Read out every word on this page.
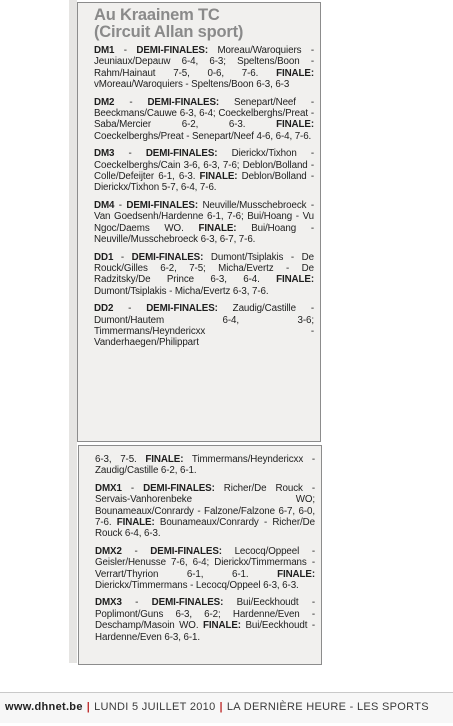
Au Kraainem TC
(Circuit Allan sport)

DM1 - DEMI-FINALES: Moreau/Waroquiers - Jeuniaux/Depauw 6-4, 6-3; Speltens/Boon - Rahm/Hainaut 7-5, 0-6, 7-6. FINALE: vMoreau/Waroquiers - Speltens/Boon 6-3, 6-3

DM2 - DEMI-FINALES: Senepart/Neef - Beeckmans/Cauwe 6-3, 6-4; Coeckelberghs/Preat - Saba/Mercier 6-2, 6-3.	FINALE: Coeckelberghs/Preat - Senepart/Neef 4-6, 6-4, 7-6.

DM3 - DEMI-FINALES: Dierickx/Tixhon - Coeckelberghs/Cain 3-6, 6-3, 7-6; Deblon/Bolland - Colle/Defeijter 6-1, 6-3. FINALE: Deblon/Bolland - Dierickx/Tixhon 5-7, 6-4, 7-6.

DM4 - DEMI-FINALES: Neuville/Musschebroeck - Van Goedsenh/Hardenne 6-1, 7-6; Bui/Hoang - Vu Ngoc/Daems WO. FINALE: Bui/Hoang - Neuville/Musschebroeck 6-3, 6-7, 7-6.

DD1 - DEMI-FINALES: Dumont/Tsiplakis - De Rouck/Gilles 6-2, 7-5; Micha/Evertz - De Radzitsky/De Prince 6-3, 6-4. FINALE: Dumont/Tsiplakis - Micha/Evertz 6-3, 7-6.

DD2 - DEMI-FINALES: Zaudig/Castille - Dumont/Hautem 6-4, 3-6; Timmermans/Heyndericxx - Vanderhaegen/Philippart

6-3, 7-5. FINALE: Timmermans/Heyndericxx - Zaudig/Castille 6-2, 6-1.

DMX1 - DEMI-FINALES: Richer/De Rouck - Servais-Vanhorenbeke WO; Bounameaux/Conrardy - Falzone/Falzone 6-7, 6-0, 7-6. FINALE: Bounameaux/Conrardy - Richer/De Rouck 6-4, 6-3.

DMX2 - DEMI-FINALES: Lecocq/Oppeel - Geisler/Henusse 7-6, 6-4; Dierickx/Timmermans - Verrart/Thyrion 6-1, 6-1.	FINALE: Dierickx/Timmermans - Lecocq/Oppeel 6-3, 6-3.

DMX3 - DEMI-FINALES: Bui/Eeckhoudt - Poplimont/Guns 6-3, 6-2; Hardenne/Even - Deschamp/Masoin WO. FINALE: Bui/Eeckhoudt - Hardenne/Even 6-3, 6-1.

www.dhnet.be | LUNDI 5 JUILLET 2010 | LA DERNIÈRE HEURE - LES SPORTS
